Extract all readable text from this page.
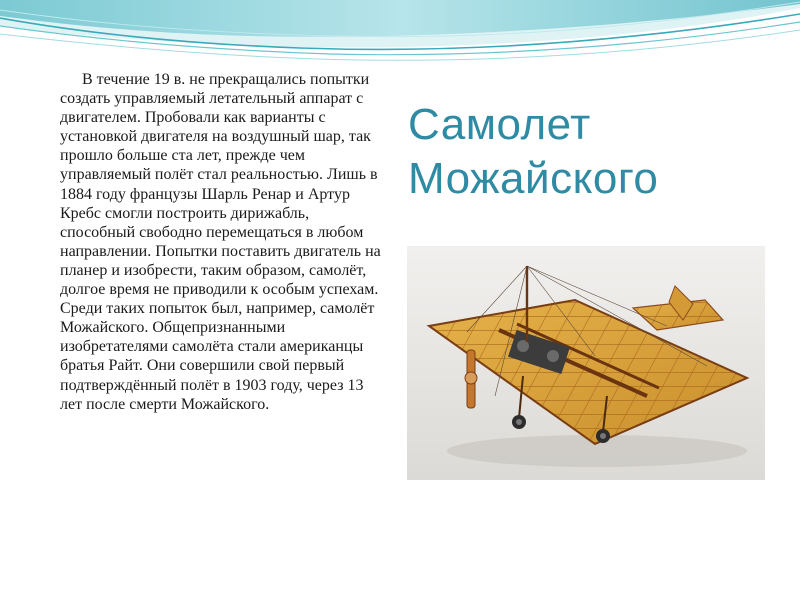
В течение 19 в. не прекращались попытки создать управляемый летательный аппарат с двигателем. Пробовали как варианты с установкой двигателя на воздушный шар, так прошло больше ста лет, прежде чем управляемый полёт стал реальностью. Лишь в 1884 году французы Шарль Ренар и Артур Кребс смогли построить дирижабль, способный свободно перемещаться в любом направлении. Попытки поставить двигатель на планер и изобрести, таким образом, самолёт, долгое время не приводили к особым успехам. Среди таких попыток был, например, самолёт Можайского. Общепризнанными изобретателями самолёта стали американцы братья Райт. Они совершили свой первый подтверждённый полёт в 1903 году, через 13 лет после смерти Можайского.

Самолет Можайского
